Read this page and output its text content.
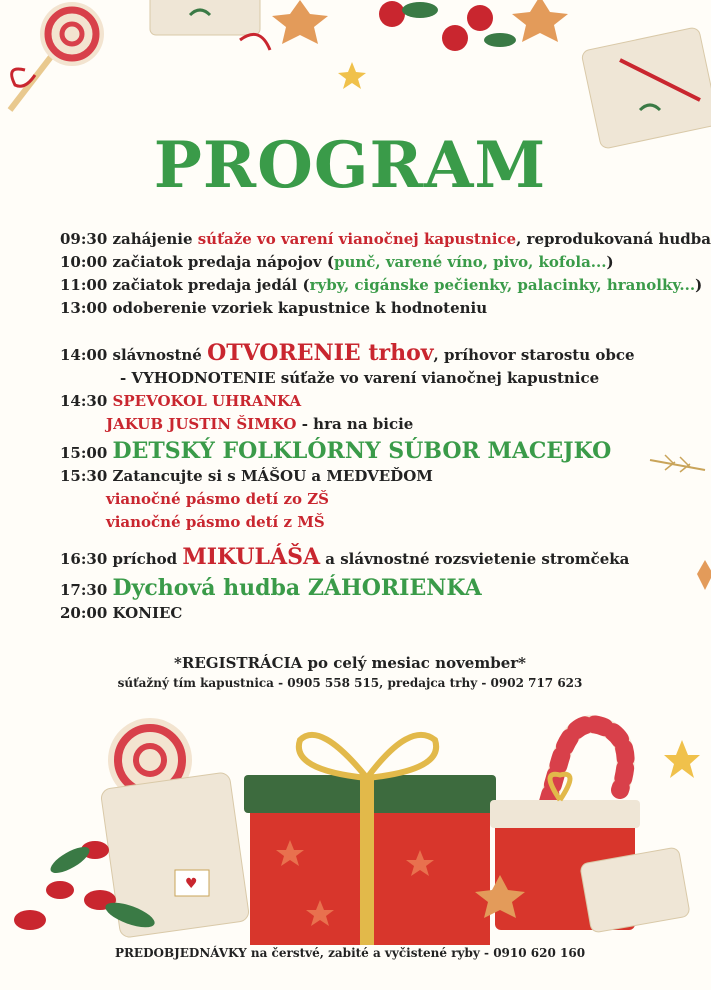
PROGRAM
09:30 zahájenie súťaže vo varení vianočnej kapustnice, reprodukovaná hudba
10:00 začiatok predaja nápojov (punč, varené víno, pivo, kofola...)
11:00 začiatok predaja jedál (ryby, cigánske pečienky, palacinky, hranolky...)
13:00 odoberenie vzoriek kapustnice k hodnoteniu
14:00 slávnostné OTVORENIE trhov, príhovor starostu obce
- VYHODNOTENIE súťaže vo varení vianočnej kapustnice
14:30 SPEVOKOL UHRANKA
JAKUB JUSTIN ŠIMKO - hra na bicie
15:00 DETSKÝ FOLKLÓRNY SÚBOR MACEJKO
15:30 Zatancujte si s MÁŠOU a MEDVEĎOM
vianočné pásmo detí zo ZŠ
vianočné pásmo detí z MŠ
16:30 príchod MIKULÁŠA a slávnostné rozsvietenie stromčeka
17:30 Dychová hudba ZÁHORIENKA
20:00 KONIEC
*REGISTRÁCIA po celý mesiac november*
súťažný tím kapustnica - 0905 558 515, predajca trhy - 0902 717 623
♥
PREDOBJEDNÁVKY na čerstvé, zabité a vyčistené ryby - 0910 620 160
